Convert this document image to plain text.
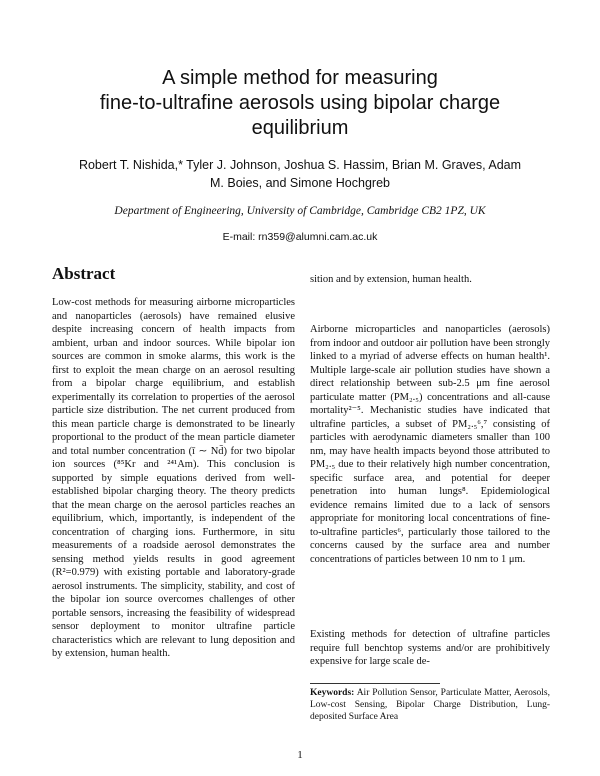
A simple method for measuring
fine-to-ultrafine aerosols using bipolar charge
equilibrium
Robert T. Nishida,* Tyler J. Johnson, Joshua S. Hassim, Brian M. Graves, Adam
M. Boies, and Simone Hochgreb
Department of Engineering, University of Cambridge, Cambridge CB2 1PZ, UK
E-mail: rn359@alumni.cam.ac.uk
Abstract

Low-cost methods for measuring airborne microparticles and nanoparticles (aerosols) have remained elusive despite increasing concern of health impacts from ambient, urban and indoor sources. While bipolar ion sources are common in smoke alarms, this work is the first to exploit the mean charge on an aerosol resulting from a bipolar charge equilibrium, and establish experimentally its correlation to properties of the aerosol particle size distribution. The net current produced from this mean particle charge is demonstrated to be linearly proportional to the product of the mean particle diameter and total number concentration (ī ∼ Nd̄) for two bipolar ion sources (⁸⁵Kr and ²⁴¹Am). This conclusion is supported by simple equations derived from well-established bipolar charging theory. The theory predicts that the mean charge on the aerosol particles reaches an equilibrium, which, importantly, is independent of the concentration of charging ions. Furthermore, in situ measurements of a roadside aerosol demonstrates the sensing method yields results in good agreement (R²=0.979) with existing portable and laboratory-grade aerosol instruments. The simplicity, stability, and cost of the bipolar ion source overcomes challenges of other portable sensors, increasing the feasibility of widespread sensor deployment to monitor ultrafine particle characteristics which are relevant to lung deposition and by extension, human health.

sition and by extension, human health.

Airborne microparticles and nanoparticles (aerosols) from indoor and outdoor air pollution have been strongly linked to a myriad of adverse effects on human health¹. Multiple large-scale air pollution studies have shown a direct relationship between sub-2.5 μm fine aerosol particulate matter (PM₂.₅) concentrations and all-cause mortality²⁻⁵. Mechanistic studies have indicated that ultrafine particles, a subset of PM₂.₅⁶,⁷ consisting of particles with aerodynamic diameters smaller than 100 nm, may have health impacts beyond those attributed to PM₂.₅ due to their relatively high number concentration, specific surface area, and potential for deeper penetration into human lungs⁸. Epidemiological evidence remains limited due to a lack of sensors appropriate for monitoring local concentrations of fine-to-ultrafine particles⁶, particularly those tailored to the concerns caused by the surface area and number concentrations of particles between 10 nm to 1 μm.

Existing methods for detection of ultrafine particles require full benchtop systems and/or are prohibitively expensive for large scale de-

Keywords: Air Pollution Sensor, Particulate Matter, Aerosols, Low-cost Sensing, Bipolar Charge Distribution, Lung-deposited Surface Area
1
